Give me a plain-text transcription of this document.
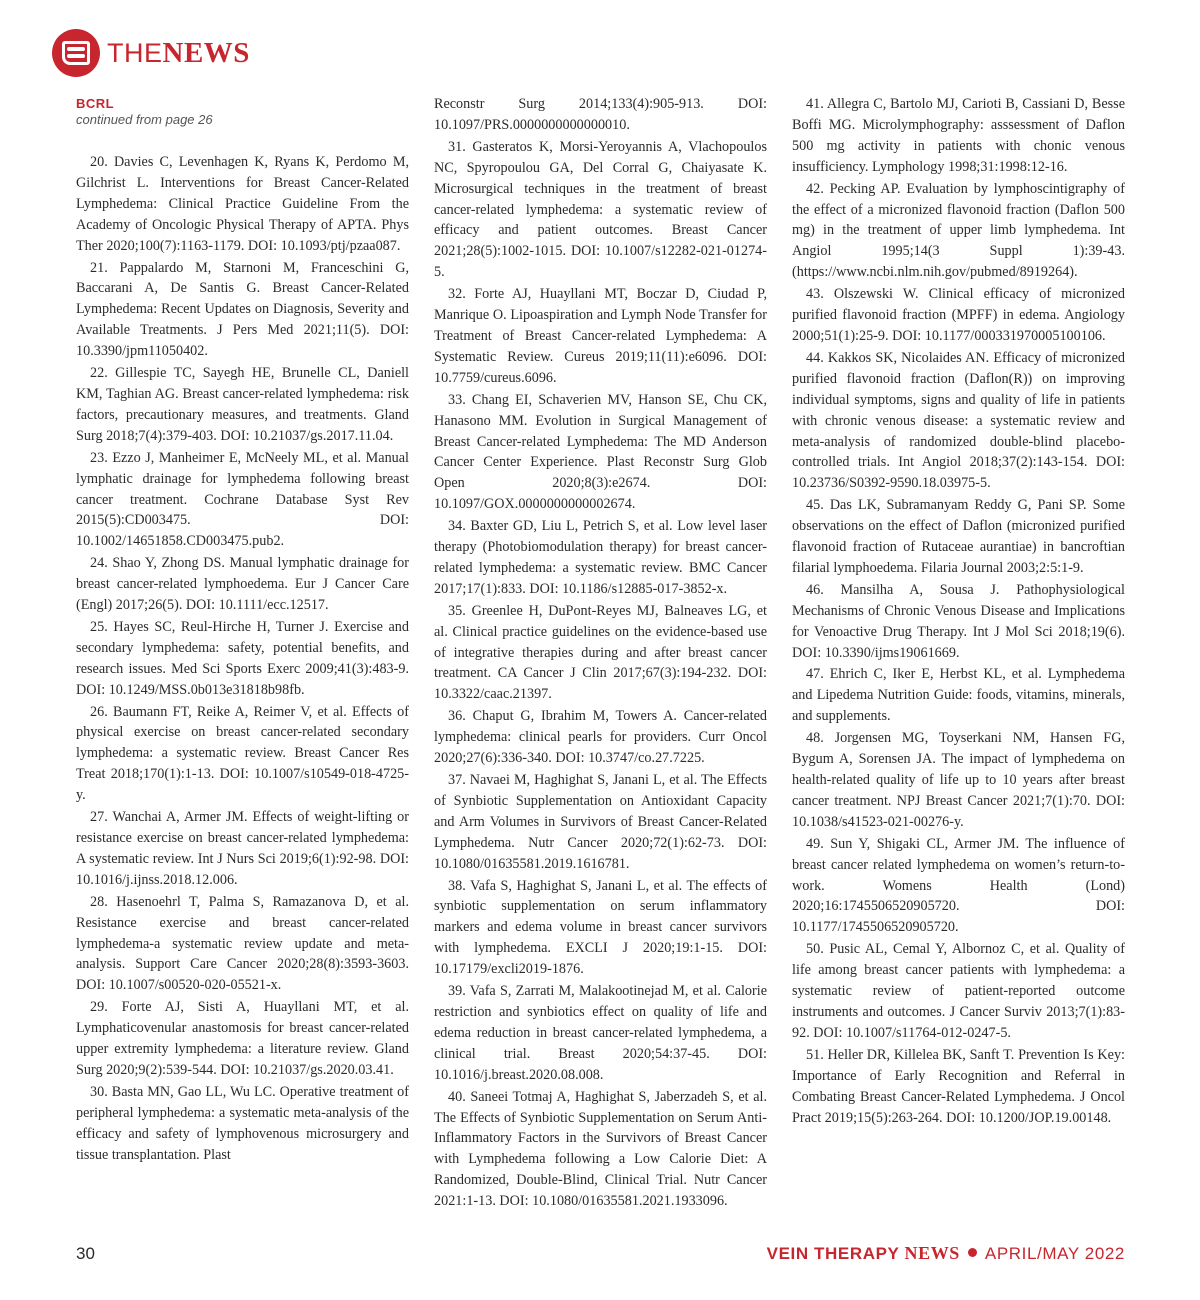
THENEWS
BCRL
continued from page 26

20. Davies C, Levenhagen K, Ryans K, Perdomo M, Gilchrist L. Interventions for Breast Cancer-Related Lymphedema: Clinical Practice Guideline From the Academy of Oncologic Physical Therapy of APTA. Phys Ther 2020;100(7):1163-1179. DOI: 10.1093/ptj/pzaa087.

21. Pappalardo M, Starnoni M, Franceschini G, Baccarani A, De Santis G. Breast Cancer-Related Lymphedema: Recent Updates on Diagnosis, Severity and Available Treatments. J Pers Med 2021;11(5). DOI: 10.3390/jpm11050402.

22. Gillespie TC, Sayegh HE, Brunelle CL, Daniell KM, Taghian AG. Breast cancer-related lymphedema: risk factors, precautionary measures, and treatments. Gland Surg 2018;7(4):379-403. DOI: 10.21037/gs.2017.11.04.

23. Ezzo J, Manheimer E, McNeely ML, et al. Manual lymphatic drainage for lymphedema following breast cancer treatment. Cochrane Database Syst Rev 2015(5):CD003475. DOI: 10.1002/14651858.CD003475.pub2.

24. Shao Y, Zhong DS. Manual lymphatic drainage for breast cancer-related lymphoedema. Eur J Cancer Care (Engl) 2017;26(5). DOI: 10.1111/ecc.12517.

25. Hayes SC, Reul-Hirche H, Turner J. Exercise and secondary lymphedema: safety, potential benefits, and research issues. Med Sci Sports Exerc 2009;41(3):483-9. DOI: 10.1249/MSS.0b013e31818b98fb.

26. Baumann FT, Reike A, Reimer V, et al. Effects of physical exercise on breast cancer-related secondary lymphedema: a systematic review. Breast Cancer Res Treat 2018;170(1):1-13. DOI: 10.1007/s10549-018-4725-y.

27. Wanchai A, Armer JM. Effects of weight-lifting or resistance exercise on breast cancer-related lymphedema: A systematic review. Int J Nurs Sci 2019;6(1):92-98. DOI: 10.1016/j.ijnss.2018.12.006.

28. Hasenoehrl T, Palma S, Ramazanova D, et al. Resistance exercise and breast cancer-related lymphedema-a systematic review update and meta-analysis. Support Care Cancer 2020;28(8):3593-3603. DOI: 10.1007/s00520-020-05521-x.

29. Forte AJ, Sisti A, Huayllani MT, et al. Lymphaticovenular anastomosis for breast cancer-related upper extremity lymphedema: a literature review. Gland Surg 2020;9(2):539-544. DOI: 10.21037/gs.2020.03.41.

30. Basta MN, Gao LL, Wu LC. Operative treatment of peripheral lymphedema: a systematic meta-analysis of the efficacy and safety of lymphovenous microsurgery and tissue transplantation. Plast

Reconstr Surg 2014;133(4):905-913. DOI: 10.1097/PRS.0000000000000010.

31. Gasteratos K, Morsi-Yeroyannis A, Vlachopoulos NC, Spyropoulou GA, Del Corral G, Chaiyasate K. Microsurgical techniques in the treatment of breast cancer-related lymphedema: a systematic review of efficacy and patient outcomes. Breast Cancer 2021;28(5):1002-1015. DOI: 10.1007/s12282-021-01274-5.

32. Forte AJ, Huayllani MT, Boczar D, Ciudad P, Manrique O. Lipoaspiration and Lymph Node Transfer for Treatment of Breast Cancer-related Lymphedema: A Systematic Review. Cureus 2019;11(11):e6096. DOI: 10.7759/cureus.6096.

33. Chang EI, Schaverien MV, Hanson SE, Chu CK, Hanasono MM. Evolution in Surgical Management of Breast Cancer-related Lymphedema: The MD Anderson Cancer Center Experience. Plast Reconstr Surg Glob Open 2020;8(3):e2674. DOI: 10.1097/GOX.0000000000002674.

34. Baxter GD, Liu L, Petrich S, et al. Low level laser therapy (Photobiomodulation therapy) for breast cancer-related lymphedema: a systematic review. BMC Cancer 2017;17(1):833. DOI: 10.1186/s12885-017-3852-x.

35. Greenlee H, DuPont-Reyes MJ, Balneaves LG, et al. Clinical practice guidelines on the evidence-based use of integrative therapies during and after breast cancer treatment. CA Cancer J Clin 2017;67(3):194-232. DOI: 10.3322/caac.21397.

36. Chaput G, Ibrahim M, Towers A. Cancer-related lymphedema: clinical pearls for providers. Curr Oncol 2020;27(6):336-340. DOI: 10.3747/co.27.7225.

37. Navaei M, Haghighat S, Janani L, et al. The Effects of Synbiotic Supplementation on Antioxidant Capacity and Arm Volumes in Survivors of Breast Cancer-Related Lymphedema. Nutr Cancer 2020;72(1):62-73. DOI: 10.1080/01635581.2019.1616781.

38. Vafa S, Haghighat S, Janani L, et al. The effects of synbiotic supplementation on serum inflammatory markers and edema volume in breast cancer survivors with lymphedema. EXCLI J 2020;19:1-15. DOI: 10.17179/excli2019-1876.

39. Vafa S, Zarrati M, Malakootinejad M, et al. Calorie restriction and synbiotics effect on quality of life and edema reduction in breast cancer-related lymphedema, a clinical trial. Breast 2020;54:37-45. DOI: 10.1016/j.breast.2020.08.008.

40. Saneei Totmaj A, Haghighat S, Jaberzadeh S, et al. The Effects of Synbiotic Supplementation on Serum Anti-Inflammatory Factors in the Survivors of Breast Cancer with Lymphedema following a Low Calorie Diet: A Randomized, Double-Blind, Clinical Trial. Nutr Cancer 2021:1-13. DOI: 10.1080/01635581.2021.1933096.

41. Allegra C, Bartolo MJ, Carioti B, Cassiani D, Besse Boffi MG. Microlymphography: asssessment of Daflon 500 mg activity in patients with chonic venous insufficiency. Lymphology 1998;31:1998:12-16.

42. Pecking AP. Evaluation by lymphoscintigraphy of the effect of a micronized flavonoid fraction (Daflon 500 mg) in the treatment of upper limb lymphedema. Int Angiol 1995;14(3 Suppl 1):39-43. (https://www.ncbi.nlm.nih.gov/pubmed/8919264).

43. Olszewski W. Clinical efficacy of micronized purified flavonoid fraction (MPFF) in edema. Angiology 2000;51(1):25-9. DOI: 10.1177/000331970005100106.

44. Kakkos SK, Nicolaides AN. Efficacy of micronized purified flavonoid fraction (Daflon(R)) on improving individual symptoms, signs and quality of life in patients with chronic venous disease: a systematic review and meta-analysis of randomized double-blind placebo-controlled trials. Int Angiol 2018;37(2):143-154. DOI: 10.23736/S0392-9590.18.03975-5.

45. Das LK, Subramanyam Reddy G, Pani SP. Some observations on the effect of Daflon (micronized purified flavonoid fraction of Rutaceae aurantiae) in bancroftian filarial lymphoedema. Filaria Journal 2003;2:5:1-9.

46. Mansilha A, Sousa J. Pathophysiological Mechanisms of Chronic Venous Disease and Implications for Venoactive Drug Therapy. Int J Mol Sci 2018;19(6). DOI: 10.3390/ijms19061669.

47. Ehrich C, Iker E, Herbst KL, et al. Lymphedema and Lipedema Nutrition Guide: foods, vitamins, minerals, and supplements.

48. Jorgensen MG, Toyserkani NM, Hansen FG, Bygum A, Sorensen JA. The impact of lymphedema on health-related quality of life up to 10 years after breast cancer treatment. NPJ Breast Cancer 2021;7(1):70. DOI: 10.1038/s41523-021-00276-y.

49. Sun Y, Shigaki CL, Armer JM. The influence of breast cancer related lymphedema on women’s return-to-work. Womens Health (Lond) 2020;16:1745506520905720. DOI: 10.1177/1745506520905720.

50. Pusic AL, Cemal Y, Albornoz C, et al. Quality of life among breast cancer patients with lymphedema: a systematic review of patient-reported outcome instruments and outcomes. J Cancer Surviv 2013;7(1):83-92. DOI: 10.1007/s11764-012-0247-5.

51. Heller DR, Killelea BK, Sanft T. Prevention Is Key: Importance of Early Recognition and Referral in Combating Breast Cancer-Related Lymphedema. J Oncol Pract 2019;15(5):263-264. DOI: 10.1200/JOP.19.00148.

30	VEIN THERAPY NEWS APRIL/MAY 2022
